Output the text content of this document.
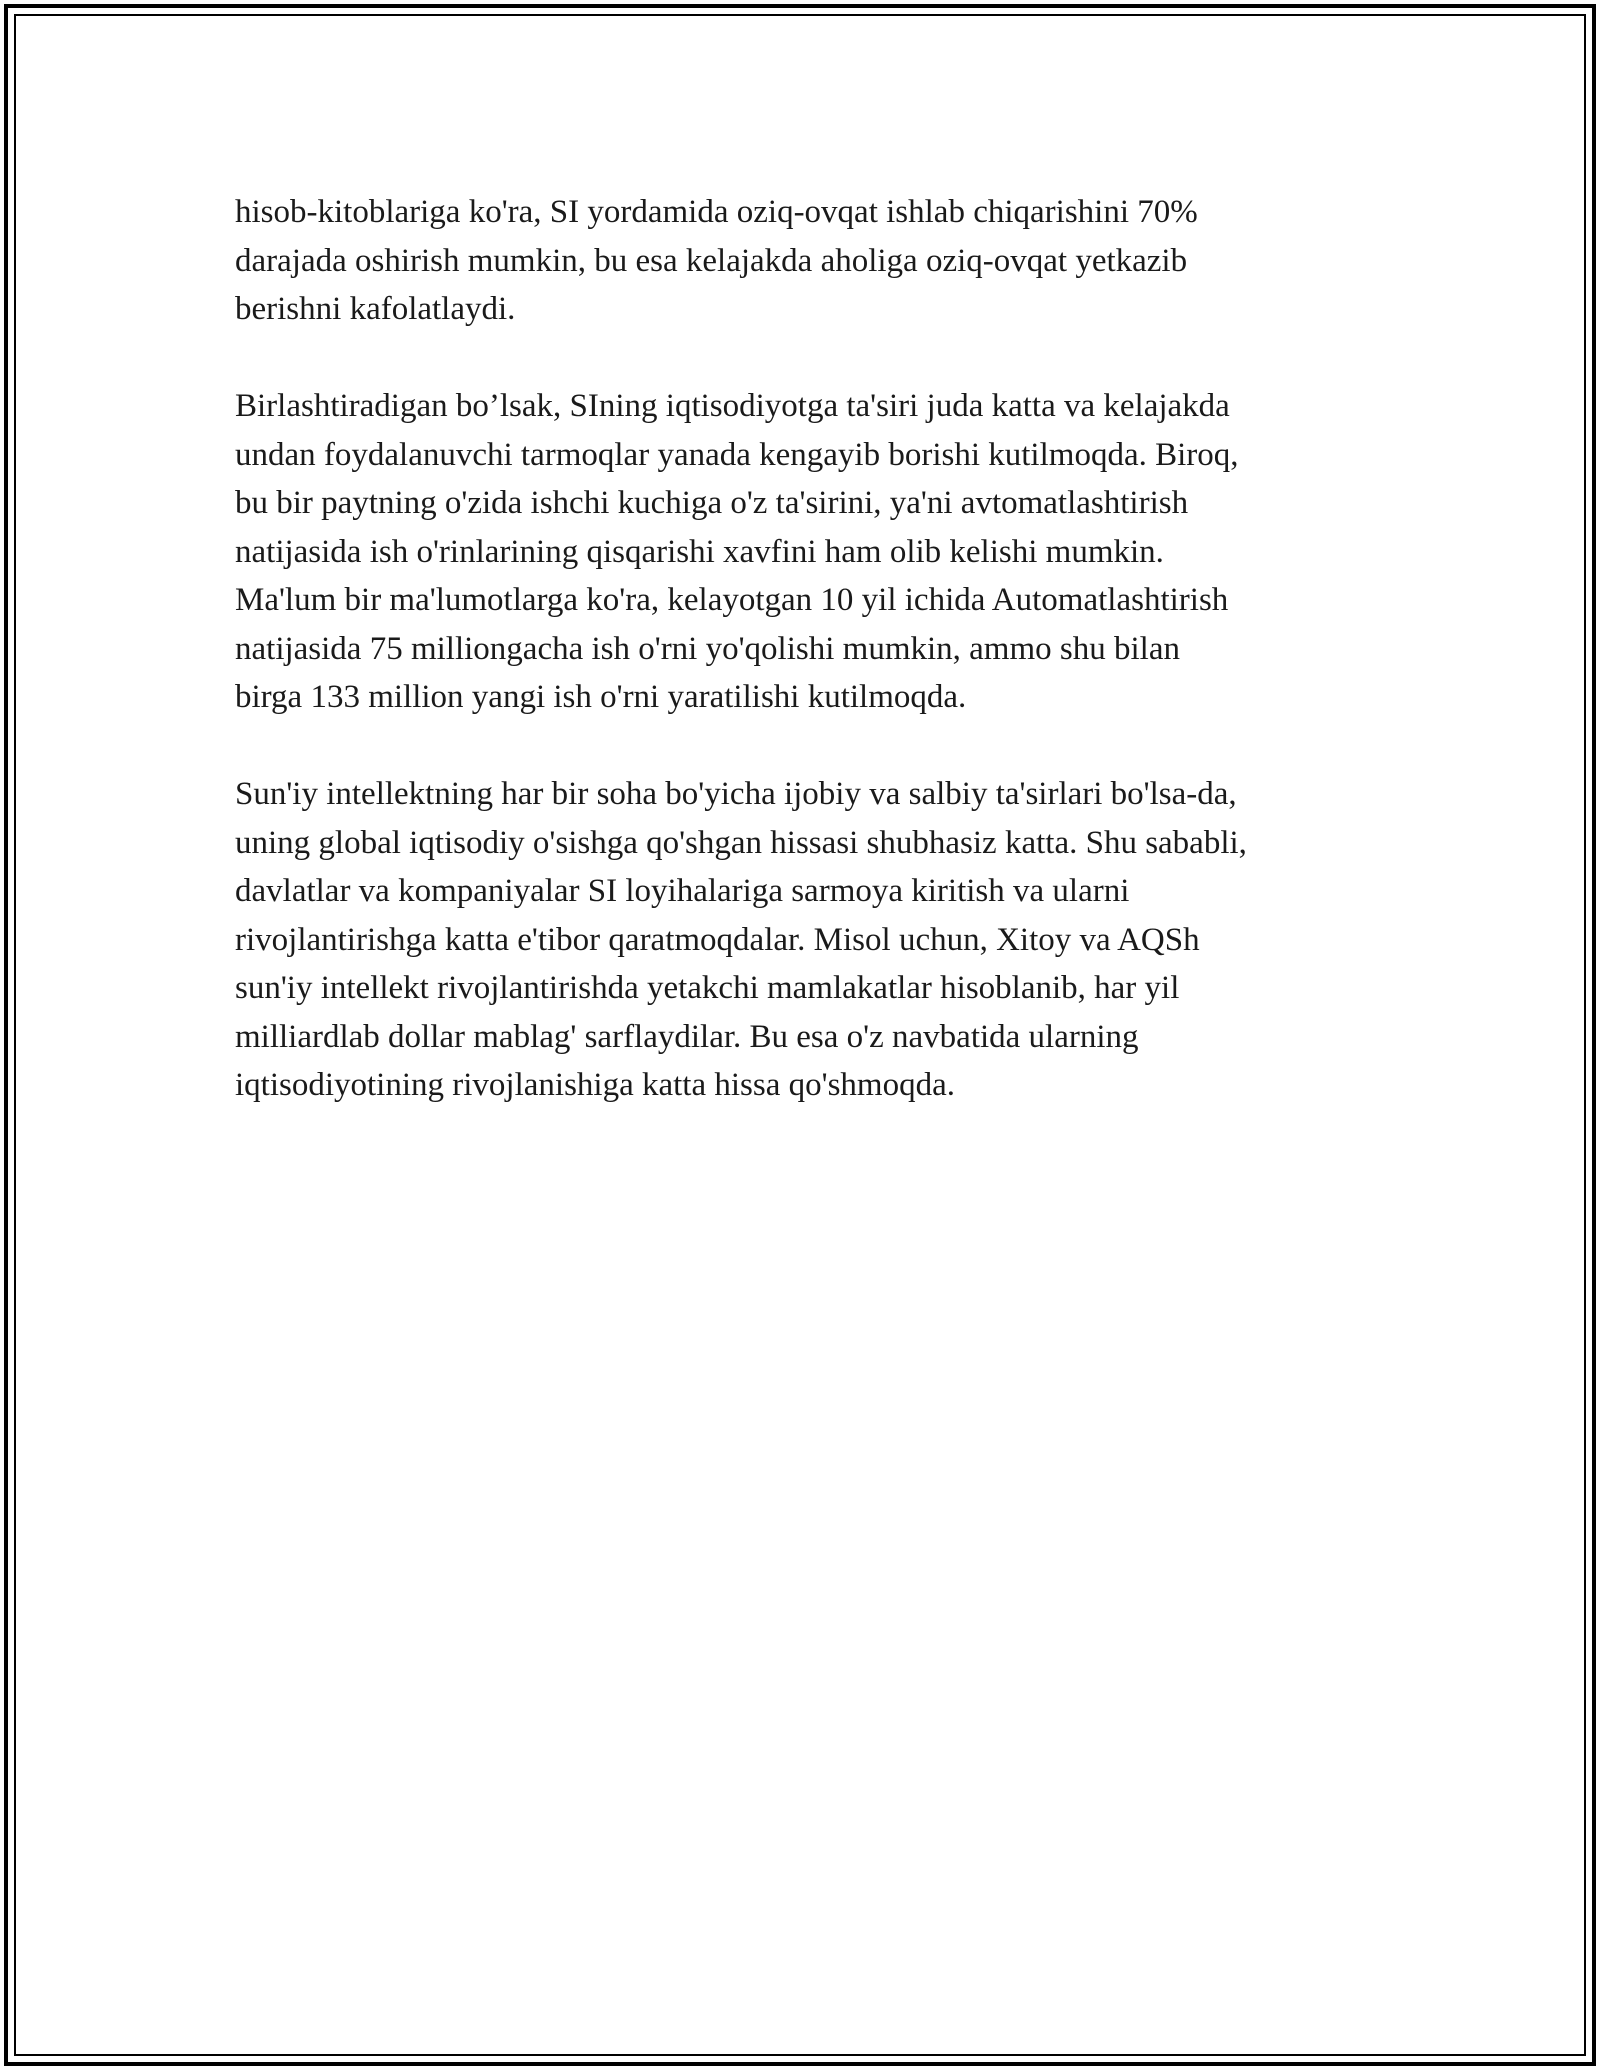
hisob-kitoblariga ko'ra, SI yordamida oziq-ovqat ishlab chiqarishini 70%
darajada oshirish mumkin, bu esa kelajakda aholiga oziq-ovqat yetkazib
berishni kafolatlaydi.

Birlashtiradigan bo’lsak, SIning iqtisodiyotga ta'siri juda katta va kelajakda
undan foydalanuvchi tarmoqlar yanada kengayib borishi kutilmoqda. Biroq,
bu bir paytning o'zida ishchi kuchiga o'z ta'sirini, ya'ni avtomatlashtirish
natijasida ish o'rinlarining qisqarishi xavfini ham olib kelishi mumkin.
Ma'lum bir ma'lumotlarga ko'ra, kelayotgan 10 yil ichida Automatlashtirish
natijasida 75 milliongacha ish o'rni yo'qolishi mumkin, ammo shu bilan
birga 133 million yangi ish o'rni yaratilishi kutilmoqda.

Sun'iy intellektning har bir soha bo'yicha ijobiy va salbiy ta'sirlari bo'lsa-da,
uning global iqtisodiy o'sishga qo'shgan hissasi shubhasiz katta. Shu sababli,
davlatlar va kompaniyalar SI loyihalariga sarmoya kiritish va ularni
rivojlantirishga katta e'tibor qaratmoqdalar. Misol uchun, Xitoy va AQSh
sun'iy intellekt rivojlantirishda yetakchi mamlakatlar hisoblanib, har yil
milliardlab dollar mablag' sarflaydilar. Bu esa o'z navbatida ularning
iqtisodiyotining rivojlanishiga katta hissa qo'shmoqda.
